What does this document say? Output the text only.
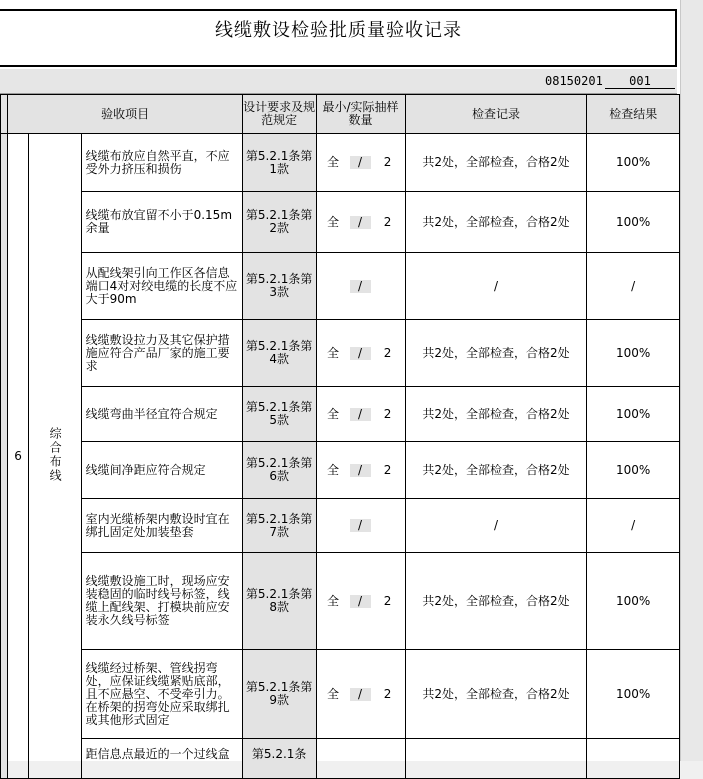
线缆敷设检验批质量验收记录
08150201	001
	验收项目			设计要求及规范规定	最小/实际抽样数量	检查记录	检查结果
	6	综合布线	线缆布放应自然平直，不应受外力挤压和损伤	第5.2.1条第1款	全 / 2	共2处，全部检查，合格2处	100%
			线缆布放宜留不小于0.15m余量	第5.2.1条第2款	全 / 2	共2处，全部检查，合格2处	100%
			从配线架引向工作区各信息端口4对对绞电缆的长度不应大于90m	第5.2.1条第3款	/	/	/
			线缆敷设拉力及其它保护措施应符合产品厂家的施工要求	第5.2.1条第4款	全 / 2	共2处，全部检查，合格2处	100%
			线缆弯曲半径宜符合规定	第5.2.1条第5款	全 / 2	共2处，全部检查，合格2处	100%
			线缆间净距应符合规定	第5.2.1条第6款	全 / 2	共2处，全部检查，合格2处	100%
			室内光缆桥架内敷设时宜在绑扎固定处加装垫套	第5.2.1条第7款	/	/	/
			线缆敷设施工时，现场应安装稳固的临时线号标签，线缆上配线架、打模块前应安装永久线号标签	第5.2.1条第8款	全 / 2	共2处，全部检查，合格2处	100%
			线缆经过桥架、管线拐弯处，应保证线缆紧贴底部，且不应悬空、不受牵引力。在桥架的拐弯处应采取绑扎或其他形式固定	第5.2.1条第9款	全 / 2	共2处，全部检查，合格2处	100%
			距信息点最近的一个过线盒	第5.2.1条	
